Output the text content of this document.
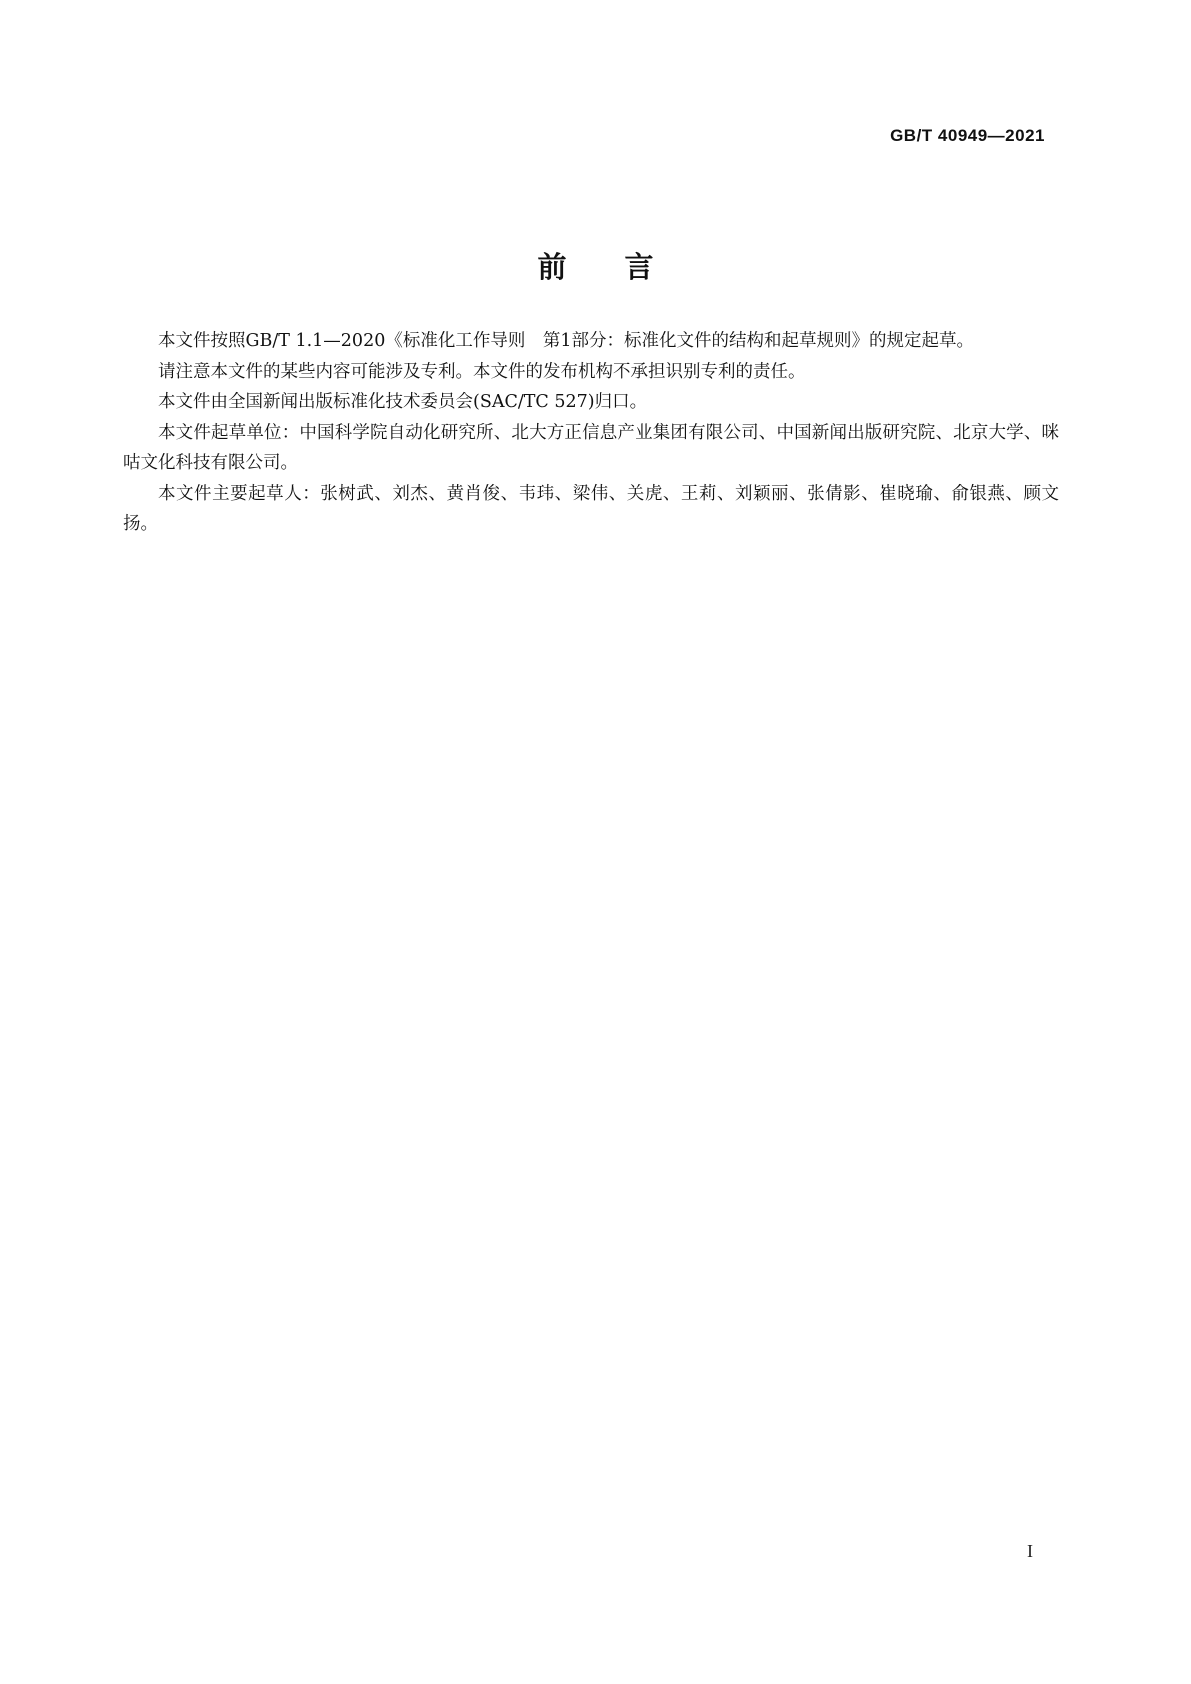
GB/T 40949—2021
前言

本文件按照GB/T 1.1—2020《标准化工作导则　第1部分：标准化文件的结构和起草规则》的规定起草。

请注意本文件的某些内容可能涉及专利。本文件的发布机构不承担识别专利的责任。

本文件由全国新闻出版标准化技术委员会(SAC/TC 527)归口。

本文件起草单位：中国科学院自动化研究所、北大方正信息产业集团有限公司、中国新闻出版研究院、北京大学、咪咕文化科技有限公司。

本文件主要起草人：张树武、刘杰、黄肖俊、韦玮、梁伟、关虎、王莉、刘颖丽、张倩影、崔晓瑜、俞银燕、顾文扬。

I
